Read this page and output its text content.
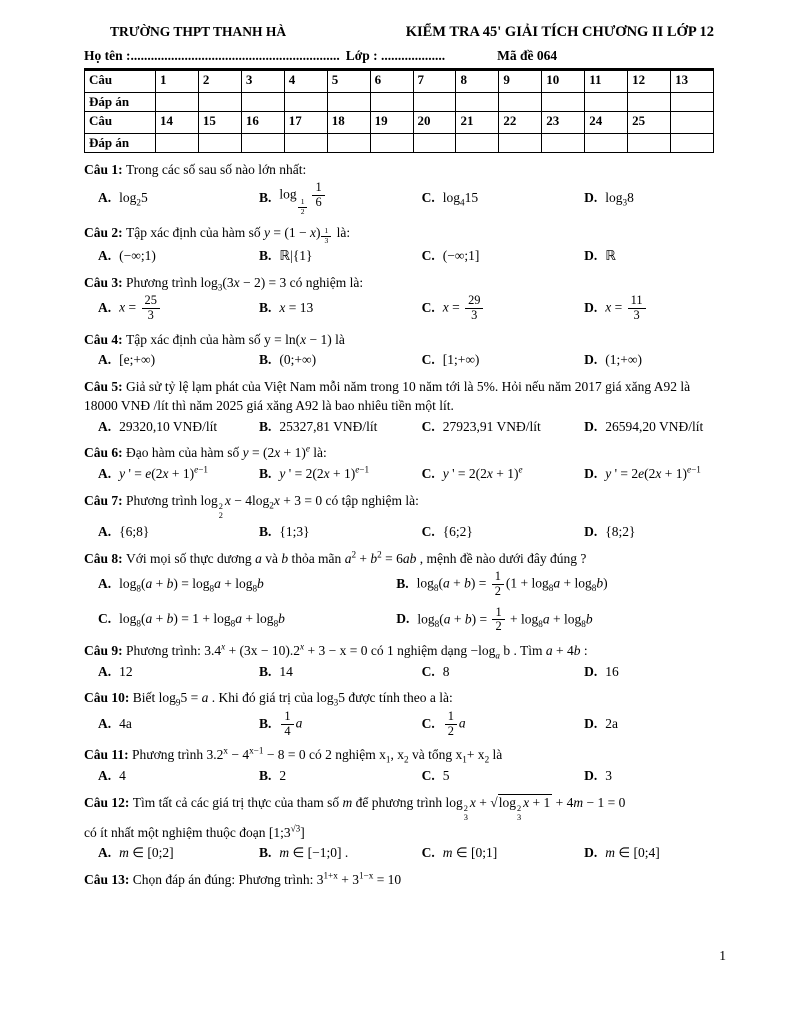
TRƯỜNG THPT THANH HÀ	KIỂM TRA 45' GIẢI TÍCH CHƯƠNG II LỚP 12
Họ tên :.............................................................. Lớp : ...................	Mã đề 064
Câu	1	2	3	4	5	6	7	8	9	10	11	12	13
Đáp án													
Câu	14	15	16	17	18	19	20	21	22	23	24	25	
Đáp án													

Câu 1: Trong các số sau số nào lớn nhất:

A. $\log_25$	B. log
$\frac{1}{2} \frac{1}{6}$	C. $\log_415$	D. $\log_38$

Câu 2: Tập xác định của hàm số $y = (1 - x) \frac{1}{3}$ là:

A. (−∞;1)	B. ℝ|{1}	C. (−∞;1]	D. ℝ

Câu 3: Phương trình $\log_3(3x - 2) = 3$ có nghiệm là:

A. $x = \frac{25}{3}$	B. x = 13	C. $x = \frac{29}{3}$	D. $x = \frac{11}{3}$

Câu 4: Tập xác định của hàm số y = ln(x − 1) là

A. [e;+∞)	B. (0;+∞)	C. [1;+∞)	D. (1;+∞)

Câu 5: Giả sử tỷ lệ lạm phát của Việt Nam mỗi năm trong 10 năm tới là 5%. Hỏi nếu năm 2017 giá xăng A92 là 18000 VNĐ /lít thì năm 2025 giá xăng A92 là bao nhiêu tiền một lít.

A. 29320,10 VNĐ/lít	B. 25327,81 VNĐ/lít	C. 27923,91 VNĐ/lít	D. 26594,20 VNĐ/lít

Câu 6: Đạo hàm của hàm số $y = (2x + 1)^e$ là:

A. y ' = $e(2x + 1)^{e-1}$	B. y ' = $2(2x + 1)^{e-1}$	C. y ' = $2(2x + 1)^e$	D. y ' = $2e(2x + 1)^{e-1}$

Câu 7: Phương trình log 2
2
$x - 4\log_2x + 3 = 0$ có tập nghiệm là:

A. {6;8}	B. {1;3}	C. {6;2}	D. {8;2}

Câu 8: Với mọi số thực dương a và b thỏa mãn $a^2 + b^2 = 6ab$ , mệnh đề nào dưới đây đúng ?

A. $\log_8(a + b) = \log_8a + \log_8b$	B. $\log_8(a + b) = \frac{1}{2} (1 + \log_8a + \log_8b)$
C. $\log_8(a + b) = 1 + \log_8a + \log_8b$	D. $\log_8(a + b) = \frac{1}{2} + \log_8a + \log_8b$

Câu 9: Phương trình: $3.4^x + (3x - 10).2^x + 3 - x = 0$ có 1 nghiệm dạng $-\log_a$ b . Tìm a + 4b :

A. 12	B. 14	C. 8	D. 16

Câu 10: Biết $\log_95 = a$ . Khi đó giá trị của $\log_35$ được tính theo a là:

A. 4a	B. $\frac{1}{4}$ a	C. $\frac{1}{2}$ a	D. 2a

Câu 11: Phương trình $3.2^x - 4^{x-1} - 8 = 0$ có 2 nghiệm $x_1$, $x_2$ và tổng $x_1+ x_2$ là

A. 4	B. 2	C. 5	D. 3

Câu 12: Tìm tất cả các giá trị thực của tham số m để phương trình log 2
3
x + √log 2
3
x + 1 + 4m − 1 = 0
có ít nhất một nghiệm thuộc đoạn $[1;3^{√3}]$

A. m ∈ [0;2]	B. m ∈ [−1;0] .	C. m ∈ [0;1]	D. m ∈ [0;4]

Câu 13: Chọn đáp án đúng: Phương trình: $3^{1+x} + 3^{1-x} = 10$

1
